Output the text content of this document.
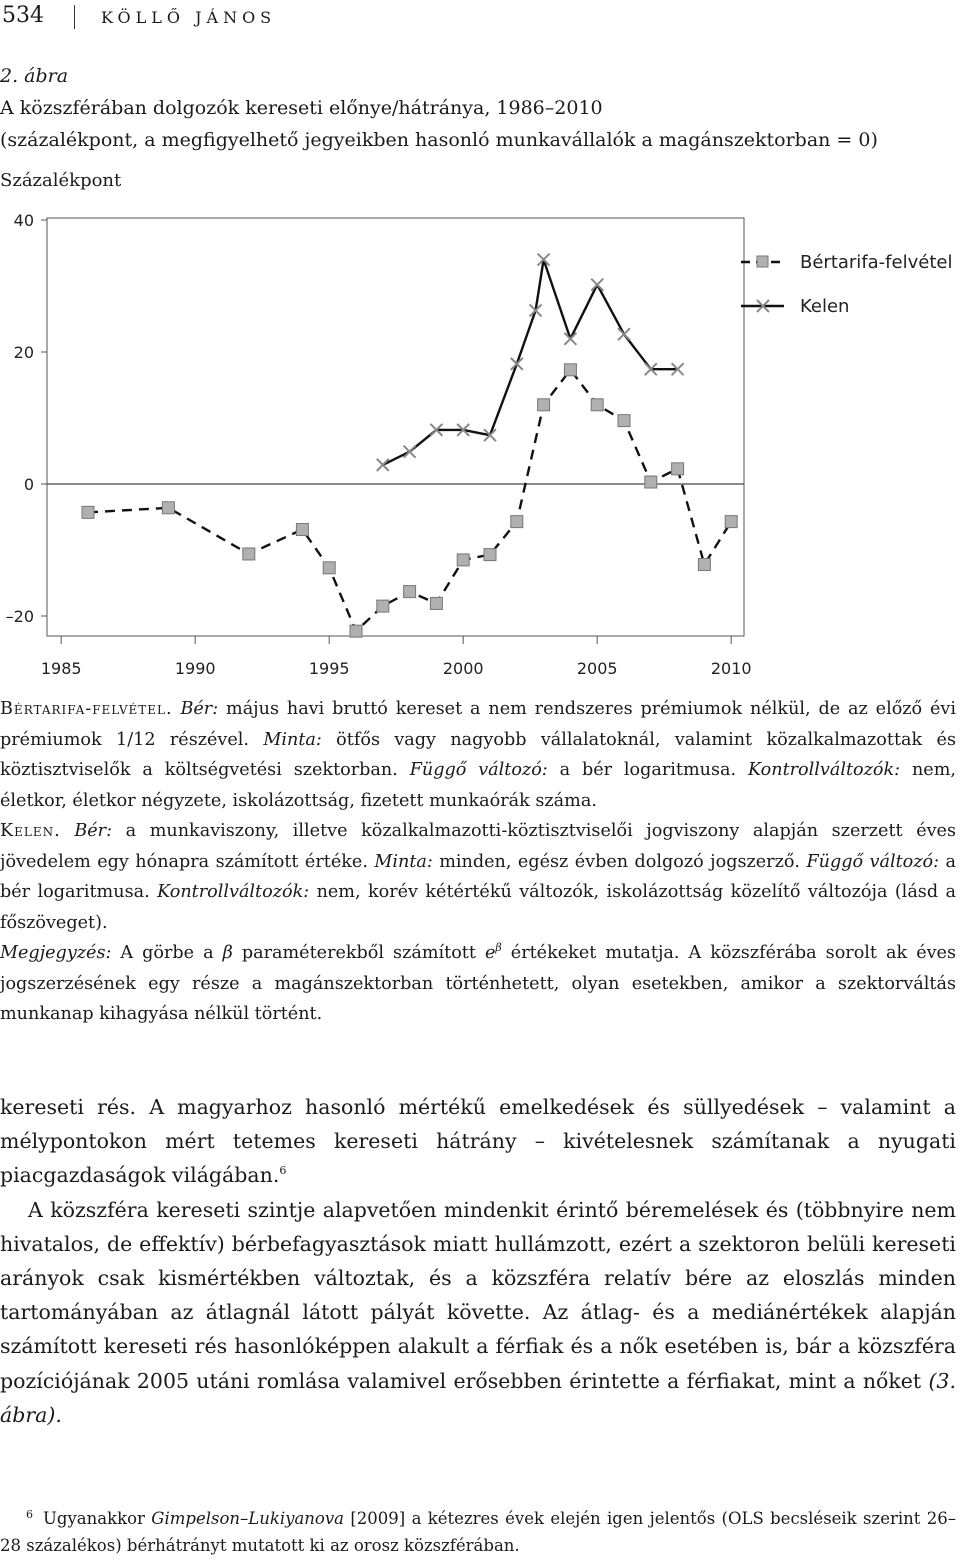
534	KÖLLŐ JÁNOS
2. ábra
A közszférában dolgozók kereseti előnye/hátránya, 1986–2010
(százalékpont, a megfigyelhető jegyeikben hasonló munkavállalók a magánszektorban = 0)
Százalékpont
40
20
0
–20
1985	1990	1995	2000	2005	2010
Bértarifa-felvétel
Kelen

Bértarifa-felvétel. Bér: május havi bruttó kereset a nem rendszeres prémiumok nélkül, de az előző évi prémiumok 1/12 részével. Minta: ötfős vagy nagyobb vállalatoknál, valamint közalkalmazottak és köztisztviselők a költségvetési szektorban. Függő változó: a bér logaritmusa. Kontrollváltozók: nem, életkor, életkor négyzete, iskolázottság, fizetett munkaórák száma.

Kelen. Bér: a munkaviszony, illetve közalkalmazotti-köztisztviselői jogviszony alapján szerzett éves jövedelem egy hónapra számított értéke. Minta: minden, egész évben dolgozó jogszerző. Függő változó: a bér logaritmusa. Kontrollváltozók: nem, korév kétértékű változók, iskolázottság közelítő változója (lásd a főszöveget).

Megjegyzés: A görbe a β paraméterekből számított $e^\beta$ értékeket mutatja. A közszférába sorolt ak éves jogszerzésének egy része a magánszektorban történhetett, olyan esetekben, amikor a szektorváltás munkanap kihagyása nélkül történt.

kereseti rés. A magyarhoz hasonló mértékű emelkedések és süllyedések – valamint a mélypontokon mért tetemes kereseti hátrány – kivételesnek számítanak a nyugati piacgazdaságok világában.$^6$

A közszféra kereseti szintje alapvetően mindenkit érintő béremelések és (többnyire nem hivatalos, de effektív) bérbefagyasztások miatt hullámzott, ezért a szektoron belüli kereseti arányok csak kismértékben változtak, és a közszféra relatív bére az eloszlás minden tartományában az átlagnál látott pályát követte. Az átlag- és a mediánértékek alapján számított kereseti rés hasonlóképpen alakult a férfiak és a nők esetében is, bár a közszféra pozíciójának 2005 utáni romlása valamivel erősebben érintette a férfiakat, mint a nőket (3. ábra).

$^6$ Ugyanakkor Gimpelson–Lukiyanova [2009] a kétezres évek elején igen jelentős (OLS becsléseik szerint 26–28 százalékos) bérhátrányt mutatott ki az orosz közszférában.
